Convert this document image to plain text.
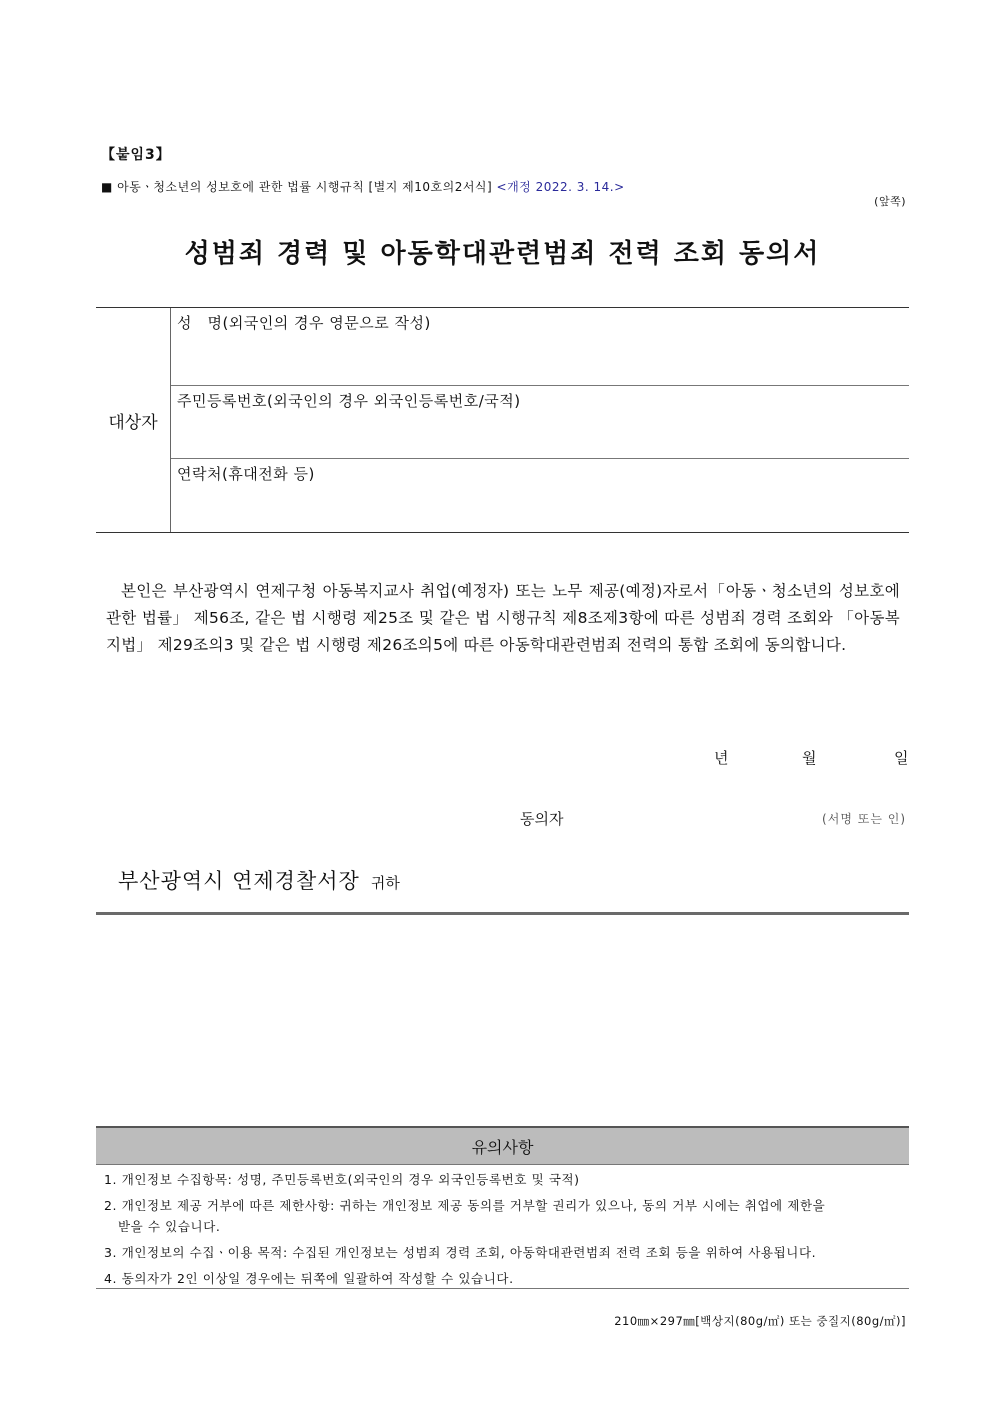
【붙임3】
■ 아동ㆍ청소년의 성보호에 관한 법률 시행규칙 [별지 제10호의2서식] <개정 2022. 3. 14.>
(앞쪽)
성범죄 경력 및 아동학대관련범죄 전력 조회 동의서
대상자
성　명(외국인의 경우 영문으로 작성)
주민등록번호(외국인의 경우 외국인등록번호/국적)
연락처(휴대전화 등)
본인은 부산광역시 연제구청 아동복지교사 취업(예정자) 또는 노무 제공(예정)자로서「아동ㆍ청소년의 성보호에 관한 법률」 제56조, 같은 법 시행령 제25조 및 같은 법 시행규칙 제8조제3항에 따른 성범죄 경력 조회와 「아동복지법」 제29조의3 및 같은 법 시행령 제26조의5에 따른 아동학대관련범죄 전력의 통합 조회에 동의합니다.
년	월	일
동의자	(서명 또는 인)
부산광역시 연제경찰서장 귀하
유의사항
1. 개인정보 수집항목: 성명, 주민등록번호(외국인의 경우 외국인등록번호 및 국적)
2. 개인정보 제공 거부에 따른 제한사항: 귀하는 개인정보 제공 동의를 거부할 권리가 있으나, 동의 거부 시에는 취업에 제한을
받을 수 있습니다.
3. 개인정보의 수집ㆍ이용 목적: 수집된 개인정보는 성범죄 경력 조회, 아동학대관련범죄 전력 조회 등을 위하여 사용됩니다.
4. 동의자가 2인 이상일 경우에는 뒤쪽에 일괄하여 작성할 수 있습니다.
210㎜×297㎜[백상지(80g/㎡) 또는 중질지(80g/㎡)]
